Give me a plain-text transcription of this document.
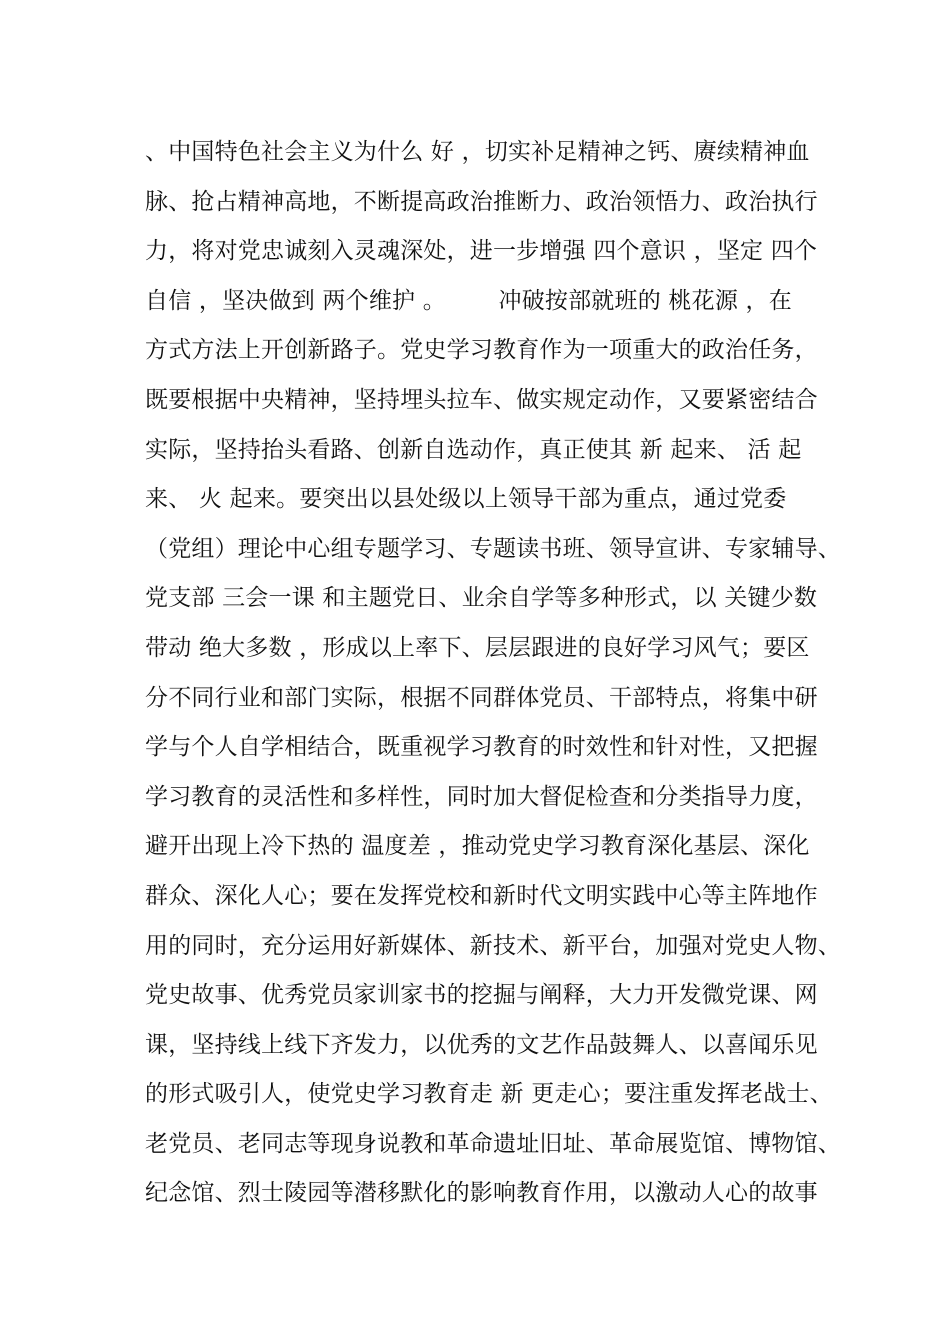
、中国特色社会主义为什么 好 ，切实补足精神之钙、赓续精神血
脉、抢占精神高地，不断提高政治推断力、政治领悟力、政治执行
力，将对党忠诚刻入灵魂深处，进一步增强 四个意识 ，坚定 四个
自信 ，坚决做到 两个维护 。       冲破按部就班的 桃花源 ，在
方式方法上开创新路子。党史学习教育作为一项重大的政治任务，
既要根据中央精神，坚持埋头拉车、做实规定动作，又要紧密结合
实际，坚持抬头看路、创新自选动作，真正使其 新 起来、 活 起
来、 火 起来。要突出以县处级以上领导干部为重点，通过党委
（党组）理论中心组专题学习、专题读书班、领导宣讲、专家辅导、
党支部 三会一课 和主题党日、业余自学等多种形式，以 关键少数
带动 绝大多数 ，形成以上率下、层层跟进的良好学习风气；要区
分不同行业和部门实际，根据不同群体党员、干部特点，将集中研
学与个人自学相结合，既重视学习教育的时效性和针对性，又把握
学习教育的灵活性和多样性，同时加大督促检查和分类指导力度，
避开出现上冷下热的 温度差 ，推动党史学习教育深化基层、深化
群众、深化人心；要在发挥党校和新时代文明实践中心等主阵地作
用的同时，充分运用好新媒体、新技术、新平台，加强对党史人物、
党史故事、优秀党员家训家书的挖掘与阐释，大力开发微党课、网
课，坚持线上线下齐发力，以优秀的文艺作品鼓舞人、以喜闻乐见
的形式吸引人，使党史学习教育走 新 更走心；要注重发挥老战士、
老党员、老同志等现身说教和革命遗址旧址、革命展览馆、博物馆、
纪念馆、烈士陵园等潜移默化的影响教育作用，以激动人心的故事
